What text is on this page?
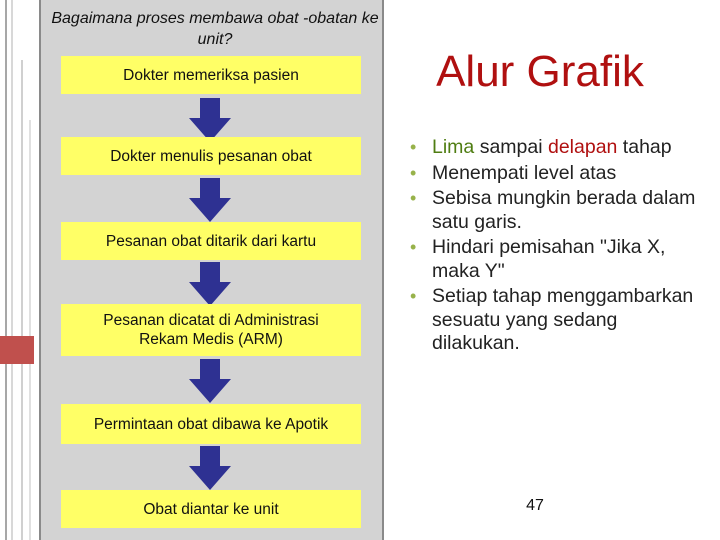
Bagaimana proses membawa obat -obatan ke unit?
Dokter memeriksa pasien
Dokter menulis pesanan obat
Pesanan obat ditarik dari kartu
Pesanan dicatat di Administrasi Rekam Medis (ARM)
Permintaan obat dibawa ke Apotik
Obat diantar ke unit
Alur Grafik
• Lima sampai delapan tahap
• Menempati level atas
• Sebisa mungkin berada dalam satu garis.
• Hindari pemisahan "Jika X, maka Y"
• Setiap tahap menggambarkan sesuatu yang sedang dilakukan.
47
